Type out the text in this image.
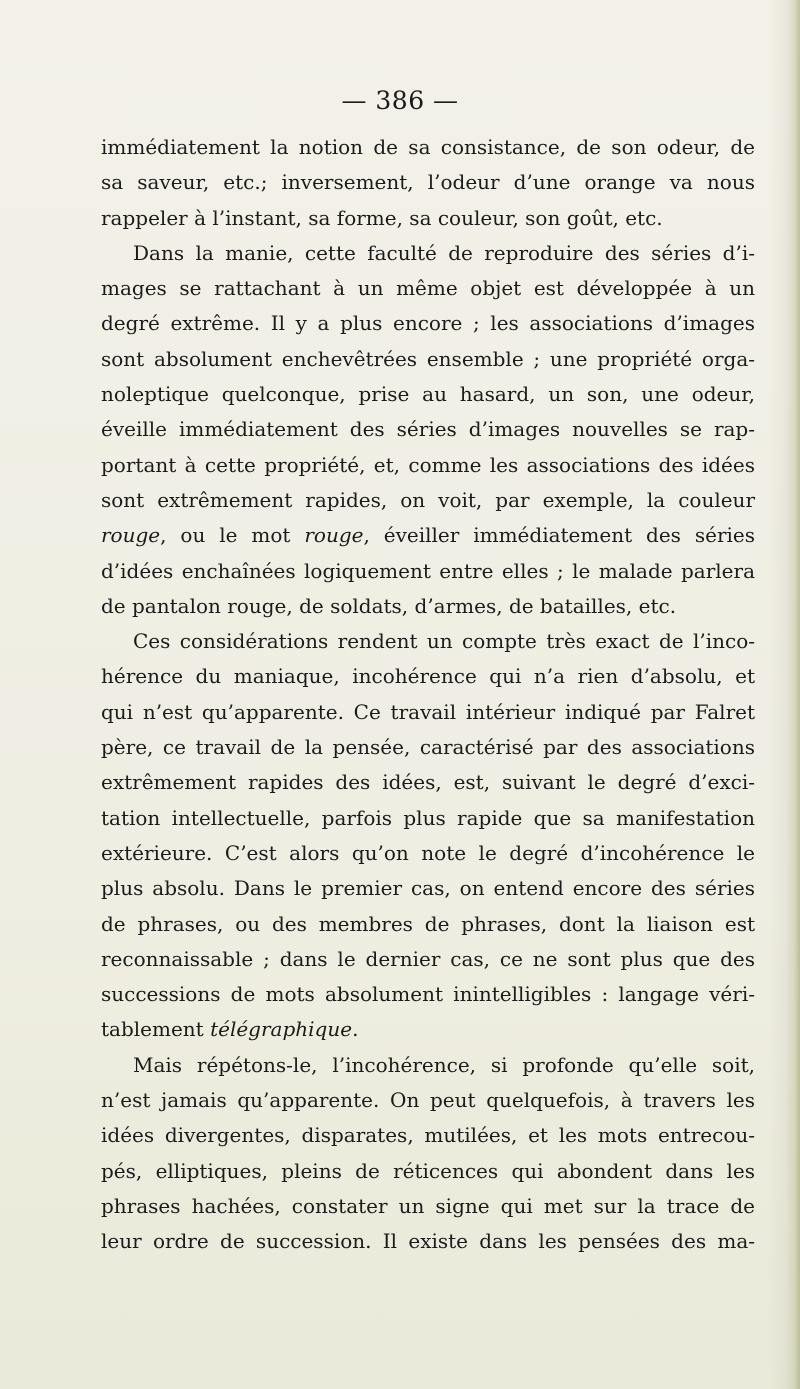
— 386 —

immédiatement la notion de sa consistance, de son odeur, de
sa saveur, etc.; inversement, l’odeur d’une orange va nous
rappeler à l’instant, sa forme, sa couleur, son goût, etc.
Dans la manie, cette faculté de reproduire des séries d’i-
mages se rattachant à un même objet est développée à un
degré extrême. Il y a plus encore ; les associations d’images
sont absolument enchevêtrées ensemble ; une propriété orga-
noleptique quelconque, prise au hasard, un son, une odeur,
éveille immédiatement des séries d’images nouvelles se rap-
portant à cette propriété, et, comme les associations des idées
sont extrêmement rapides, on voit, par exemple, la couleur
rouge, ou le mot rouge, éveiller immédiatement des séries
d’idées enchaînées logiquement entre elles ; le malade parlera
de pantalon rouge, de soldats, d’armes, de batailles, etc.
Ces considérations rendent un compte très exact de l’inco-
hérence du maniaque, incohérence qui n’a rien d’absolu, et
qui n’est qu’apparente. Ce travail intérieur indiqué par Falret
père, ce travail de la pensée, caractérisé par des associations
extrêmement rapides des idées, est, suivant le degré d’exci-
tation intellectuelle, parfois plus rapide que sa manifestation
extérieure. C’est alors qu’on note le degré d’incohérence le
plus absolu. Dans le premier cas, on entend encore des séries
de phrases, ou des membres de phrases, dont la liaison est
reconnaissable ; dans le dernier cas, ce ne sont plus que des
successions de mots absolument inintelligibles : langage véri-
tablement télégraphique.
Mais répétons-le, l’incohérence, si profonde qu’elle soit,
n’est jamais qu’apparente. On peut quelquefois, à travers les
idées divergentes, disparates, mutilées, et les mots entrecou-
pés, elliptiques, pleins de réticences qui abondent dans les
phrases hachées, constater un signe qui met sur la trace de
leur ordre de succession. Il existe dans les pensées des ma-
